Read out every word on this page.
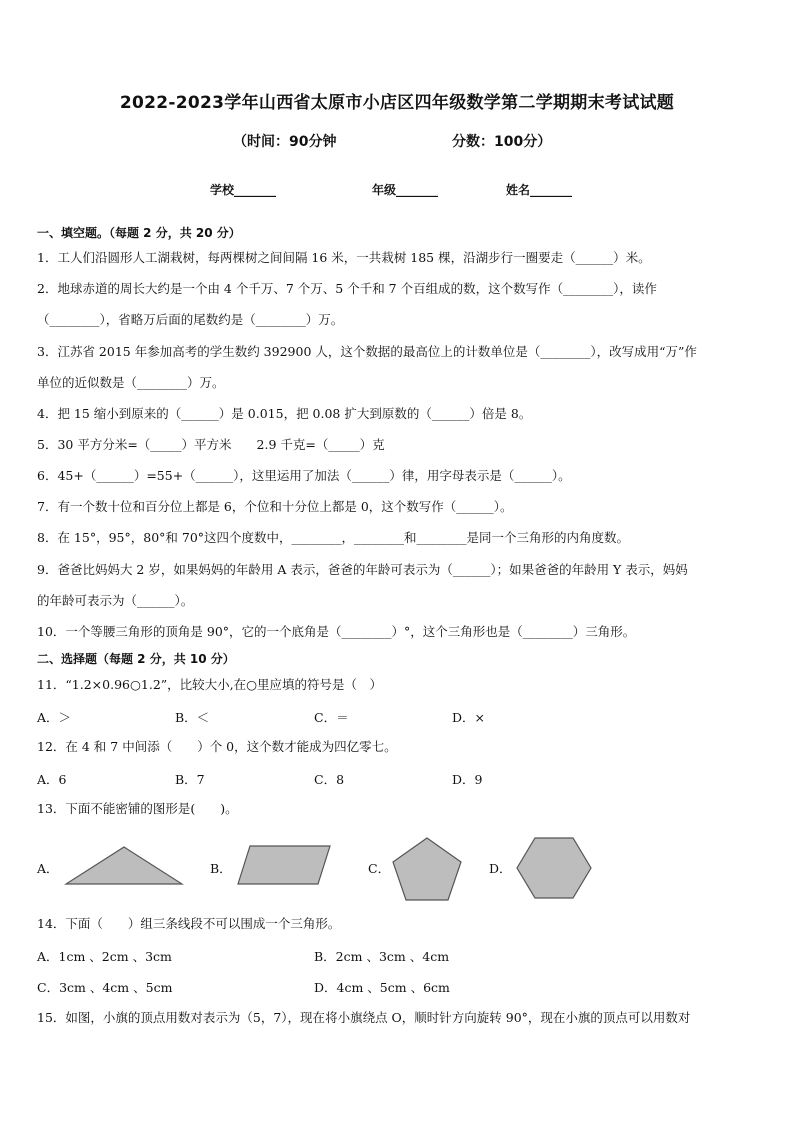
2022-2023学年山西省太原市小店区四年级数学第二学期期末考试试题
（时间：90分钟	分数：100分）
学校_______	年级_______	姓名_______
一、填空题。（每题 2 分，共 20 分）
1．工人们沿圆形人工湖栽树，每两棵树之间间隔 16 米，一共栽树 185 棵，沿湖步行一圈要走（______）米。
2．地球赤道的周长大约是一个由 4 个千万、7 个万、5 个千和 7 个百组成的数，这个数写作（________），读作
（________），省略万后面的尾数约是（________）万。
3．江苏省 2015 年参加高考的学生数约 392900 人，这个数据的最高位上的计数单位是（________），改写成用“万”作
单位的近似数是（________）万。
4．把 15 缩小到原来的（______）是 0.015，把 0.08 扩大到原数的（______）倍是 8。
5．30 平方分米=（_____）平方米　　2.9 千克=（_____）克
6．45+（______）=55+（______），这里运用了加法（______）律，用字母表示是（______）。
7．有一个数十位和百分位上都是 6，个位和十分位上都是 0，这个数写作（______）。
8．在 15°，95°，80°和 70°这四个度数中，________，________和________是同一个三角形的内角度数。
9．爸爸比妈妈大 2 岁，如果妈妈的年龄用 A 表示，爸爸的年龄可表示为（______）；如果爸爸的年龄用 Y 表示，妈妈
的年龄可表示为（______）。
10．一个等腰三角形的顶角是 90°，它的一个底角是（________）°，这个三角形也是（________）三角形。
二、选择题（每题 2 分，共 10 分）
11．“1.2×0.96○1.2”，比较大小,在○里应填的符号是（　）
A．＞	B．＜	C．＝	D．×
12．在 4 和 7 中间添（　　）个 0，这个数才能成为四亿零七。
A．6	B．7	C．8	D．9
13．下面不能密铺的图形是(　　)。
A．	B．	C．	D．
14．下面（　　）组三条线段不可以围成一个三角形。
A．1cm 、2cm 、3cm	B．2cm 、3cm 、4cm
C．3cm 、4cm 、5cm	D．4cm 、5cm 、6cm
15．如图，小旗的顶点用数对表示为（5，7），现在将小旗绕点 O，顺时针方向旋转 90°，现在小旗的顶点可以用数对
